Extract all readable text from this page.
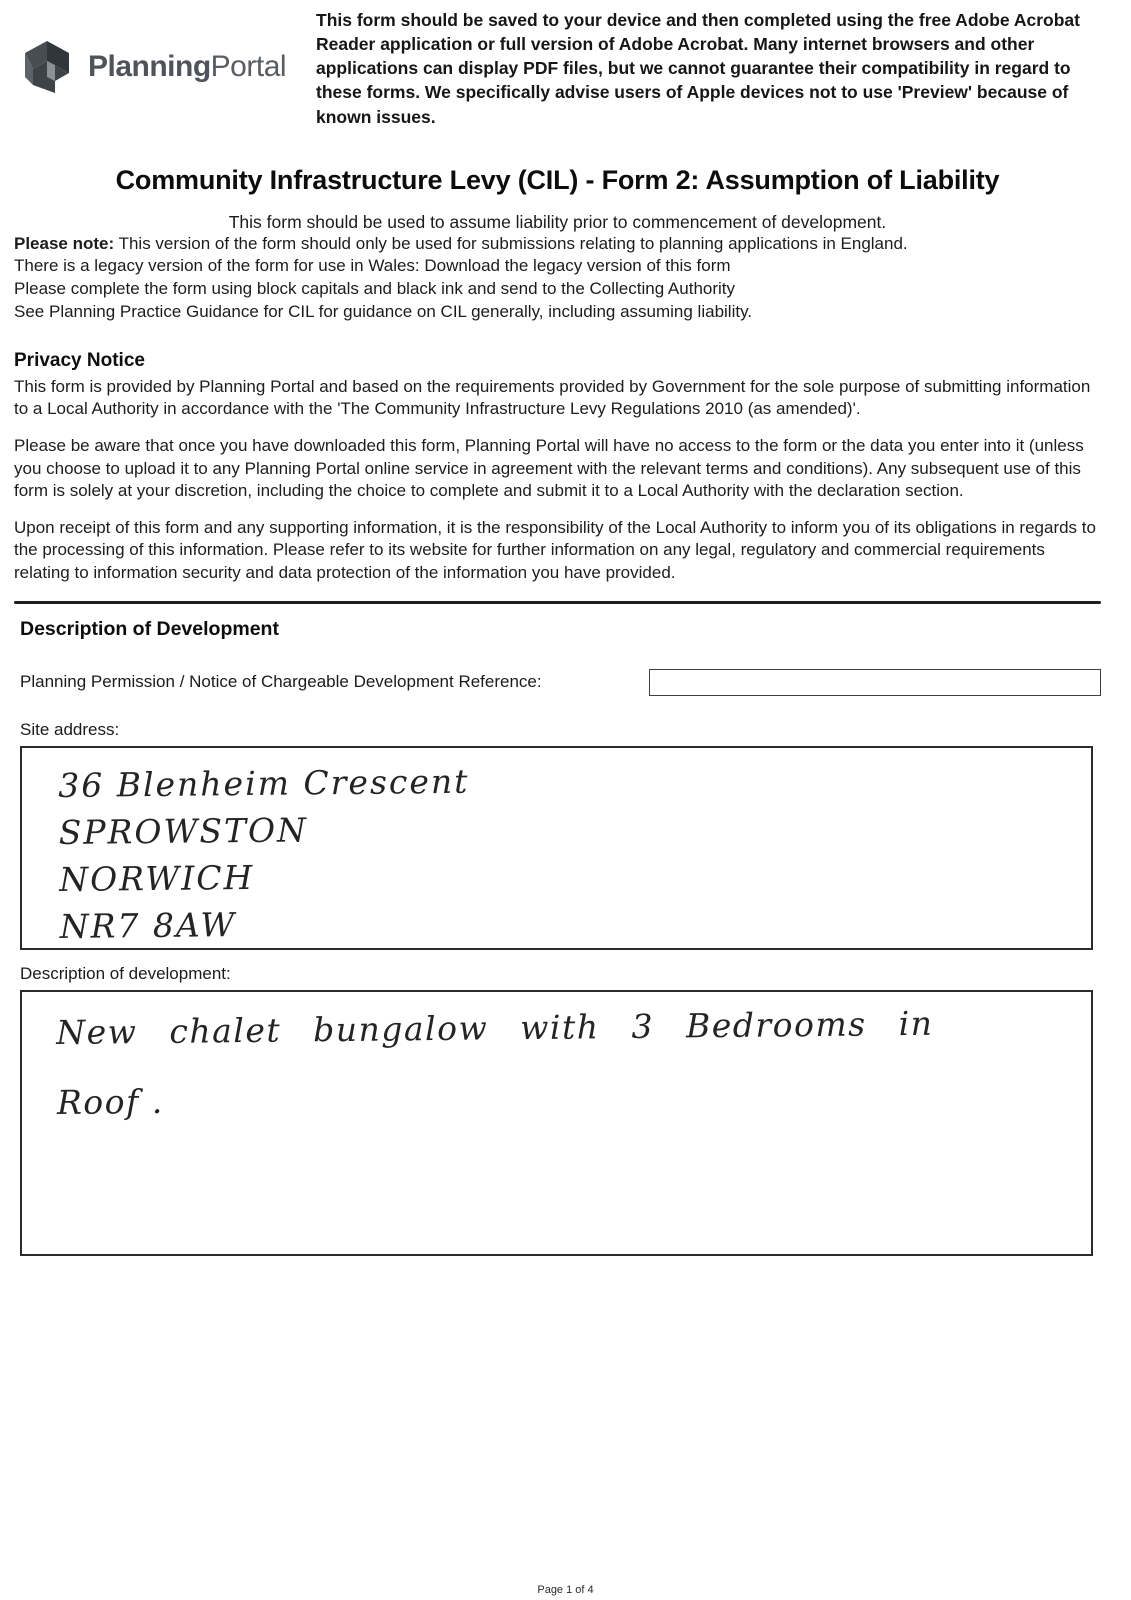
PlanningPortal

This form should be saved to your device and then completed using the free Adobe Acrobat Reader application or full version of Adobe Acrobat. Many internet browsers and other applications can display PDF files, but we cannot guarantee their compatibility in regard to these forms. We specifically advise users of Apple devices not to use 'Preview' because of known issues.

Community Infrastructure Levy (CIL) - Form 2: Assumption of Liability

This form should be used to assume liability prior to commencement of development.

Please note: This version of the form should only be used for submissions relating to planning applications in England.
There is a legacy version of the form for use in Wales: Download the legacy version of this form

Please complete the form using block capitals and black ink and send to the Collecting Authority

See Planning Practice Guidance for CIL for guidance on CIL generally, including assuming liability.

Privacy Notice

This form is provided by Planning Portal and based on the requirements provided by Government for the sole purpose of submitting information to a Local Authority in accordance with the 'The Community Infrastructure Levy Regulations 2010 (as amended)'.

Please be aware that once you have downloaded this form, Planning Portal will have no access to the form or the data you enter into it (unless you choose to upload it to any Planning Portal online service in agreement with the relevant terms and conditions). Any subsequent use of this form is solely at your discretion, including the choice to complete and submit it to a Local Authority with the declaration section.

Upon receipt of this form and any supporting information, it is the responsibility of the Local Authority to inform you of its obligations in regards to the processing of this information. Please refer to its website for further information on any legal, regulatory and commercial requirements relating to information security and data protection of the information you have provided.

Description of Development
Planning Permission / Notice of Chargeable Development Reference:
Site address:
36 Blenheim Crescent
SPROWSTON
NORWICH
NR7 8AW
Description of development:
New chalet bungalow with 3 Bedrooms in
Roof .
Page 1 of 4
